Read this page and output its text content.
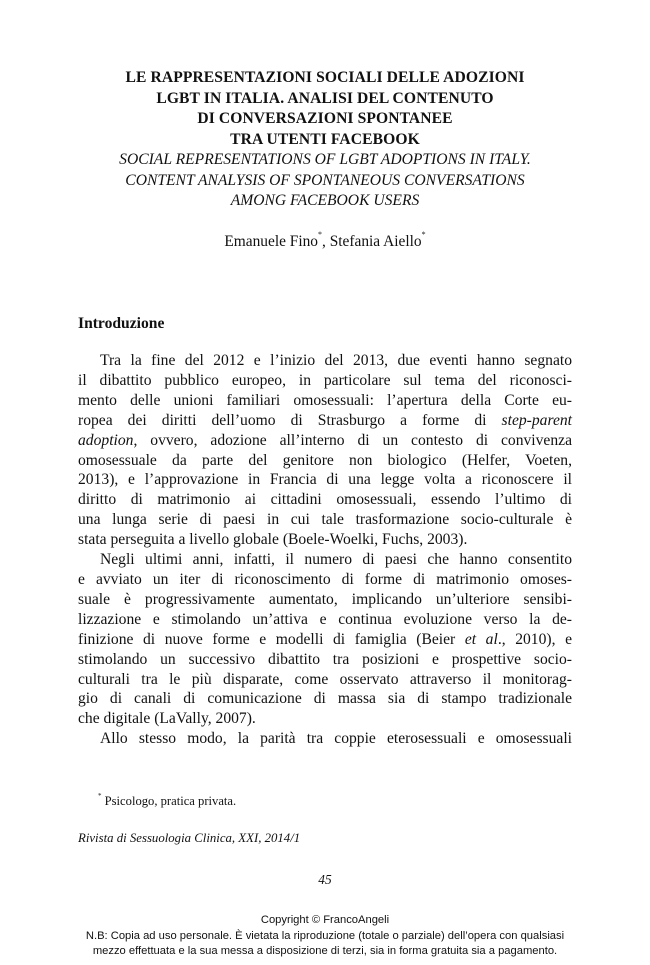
LE RAPPRESENTAZIONI SOCIALI DELLE ADOZIONI
LGBT IN ITALIA. ANALISI DEL CONTENUTO
DI CONVERSAZIONI SPONTANEE
TRA UTENTI FACEBOOK
SOCIAL REPRESENTATIONS OF LGBT ADOPTIONS IN ITALY.
CONTENT ANALYSIS OF SPONTANEOUS CONVERSATIONS
AMONG FACEBOOK USERS
Emanuele Fino*, Stefania Aiello*
Introduzione
Tra la fine del 2012 e l’inizio del 2013, due eventi hanno segnato
il dibattito pubblico europeo, in particolare sul tema del riconosci-
mento delle unioni familiari omosessuali: l’apertura della Corte eu-
ropea dei diritti dell’uomo di Strasburgo a forme di step-parent
adoption, ovvero, adozione all’interno di un contesto di convivenza
omosessuale da parte del genitore non biologico (Helfer, Voeten,
2013), e l’approvazione in Francia di una legge volta a riconoscere il
diritto di matrimonio ai cittadini omosessuali, essendo l’ultimo di
una lunga serie di paesi in cui tale trasformazione socio-culturale è
stata perseguita a livello globale (Boele-Woelki, Fuchs, 2003).
Negli ultimi anni, infatti, il numero di paesi che hanno consentito
e avviato un iter di riconoscimento di forme di matrimonio omoses-
suale è progressivamente aumentato, implicando un’ulteriore sensibi-
lizzazione e stimolando un’attiva e continua evoluzione verso la de-
finizione di nuove forme e modelli di famiglia (Beier et al., 2010), e
stimolando un successivo dibattito tra posizioni e prospettive socio-
culturali tra le più disparate, come osservato attraverso il monitorag-
gio di canali di comunicazione di massa sia di stampo tradizionale
che digitale (LaVally, 2007).
Allo stesso modo, la parità tra coppie eterosessuali e omosessuali
* Psicologo, pratica privata.
Rivista di Sessuologia Clinica, XXI, 2014/1
45
Copyright © FrancoAngeli
N.B: Copia ad uso personale. È vietata la riproduzione (totale o parziale) dell’opera con qualsiasi
mezzo effettuata e la sua messa a disposizione di terzi, sia in forma gratuita sia a pagamento.
